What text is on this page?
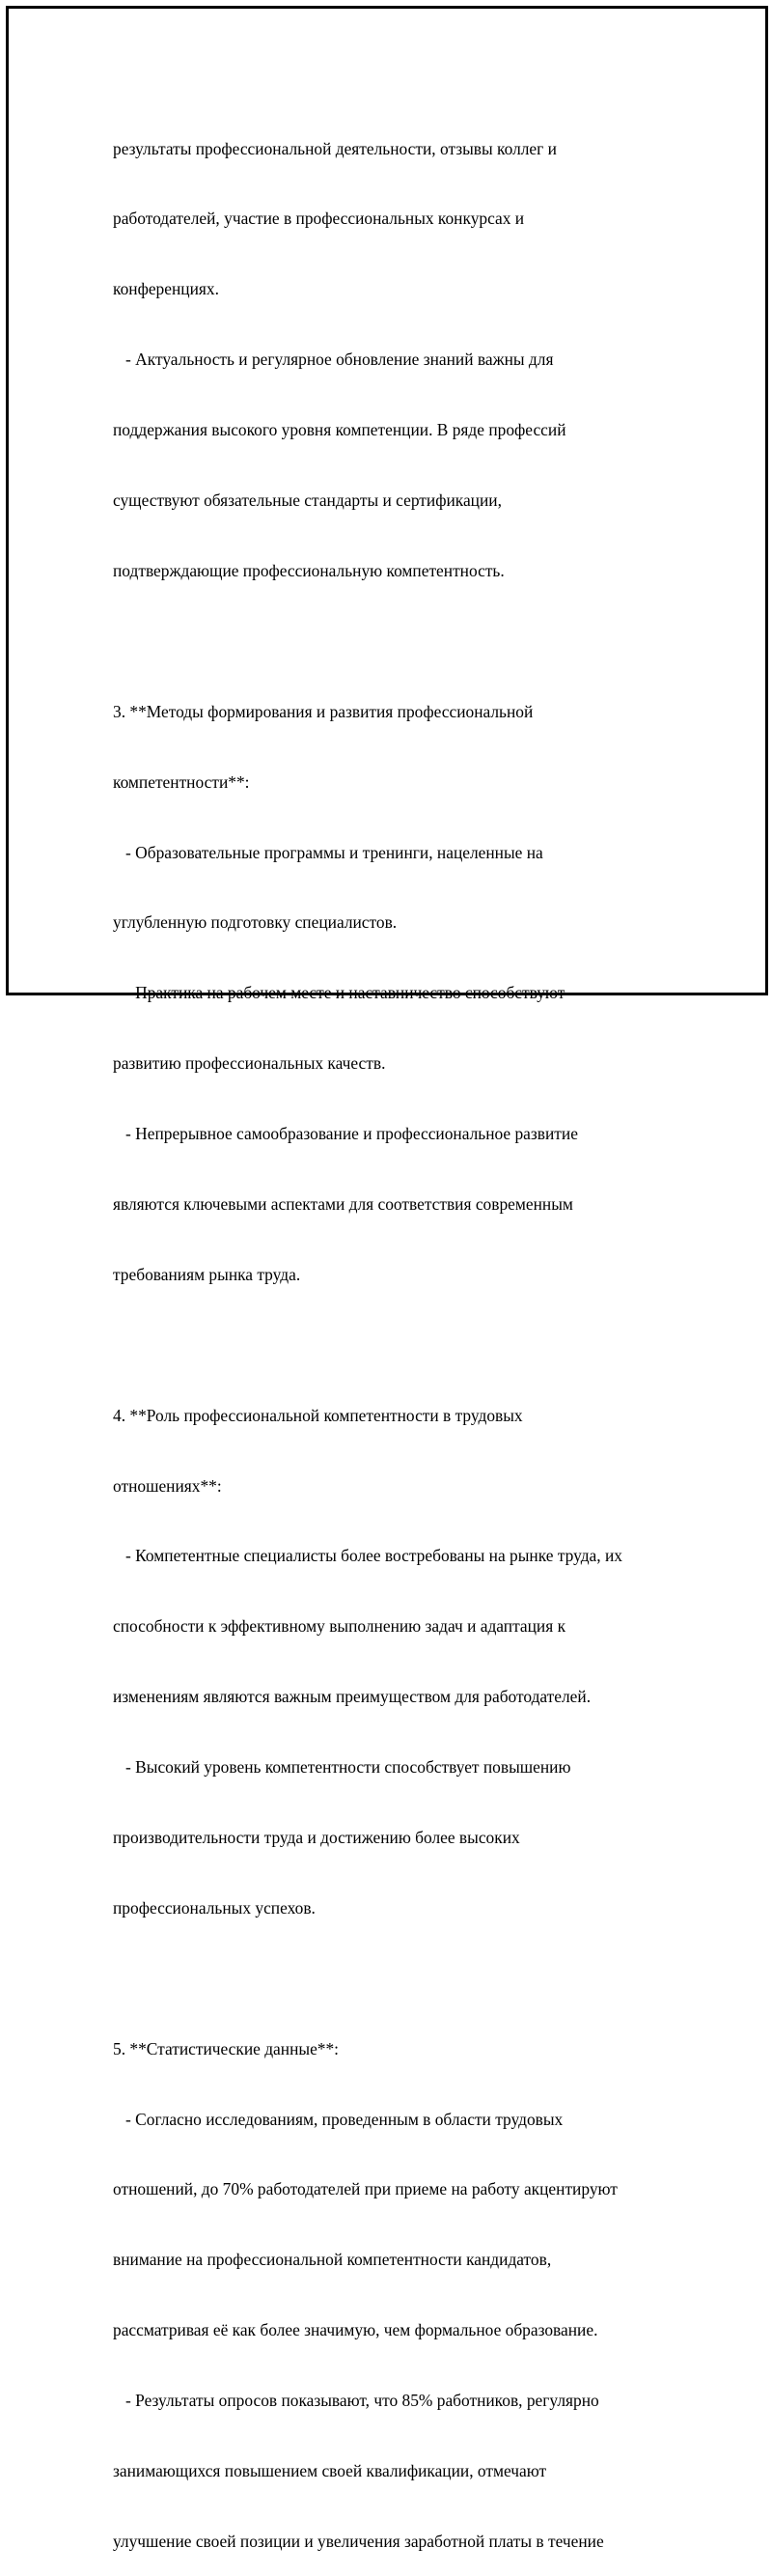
результаты профессиональной деятельности, отзывы коллег и

работодателей, участие в профессиональных конкурсах и

конференциях.

- Актуальность и регулярное обновление знаний важны для

поддержания высокого уровня компетенции. В ряде профессий

существуют обязательные стандарты и сертификации,

подтверждающие профессиональную компетентность.

3. **Методы формирования и развития профессиональной

компетентности**:

- Образовательные программы и тренинги, нацеленные на

углубленную подготовку специалистов.

- Практика на рабочем месте и наставничество способствуют

развитию профессиональных качеств.

- Непрерывное самообразование и профессиональное развитие

являются ключевыми аспектами для соответствия современным

требованиям рынка труда.

4. **Роль профессиональной компетентности в трудовых

отношениях**:

- Компетентные специалисты более востребованы на рынке труда, их

способности к эффективному выполнению задач и адаптация к

изменениям являются важным преимуществом для работодателей.

- Высокий уровень компетентности способствует повышению

производительности труда и достижению более высоких

профессиональных успехов.

5. **Статистические данные**:

- Согласно исследованиям, проведенным в области трудовых

отношений, до 70% работодателей при приеме на работу акцентируют

внимание на профессиональной компетентности кандидатов,

рассматривая её как более значимую, чем формальное образование.

- Результаты опросов показывают, что 85% работников, регулярно

занимающихся повышением своей квалификации, отмечают

улучшение своей позиции и увеличения заработной платы в течение
